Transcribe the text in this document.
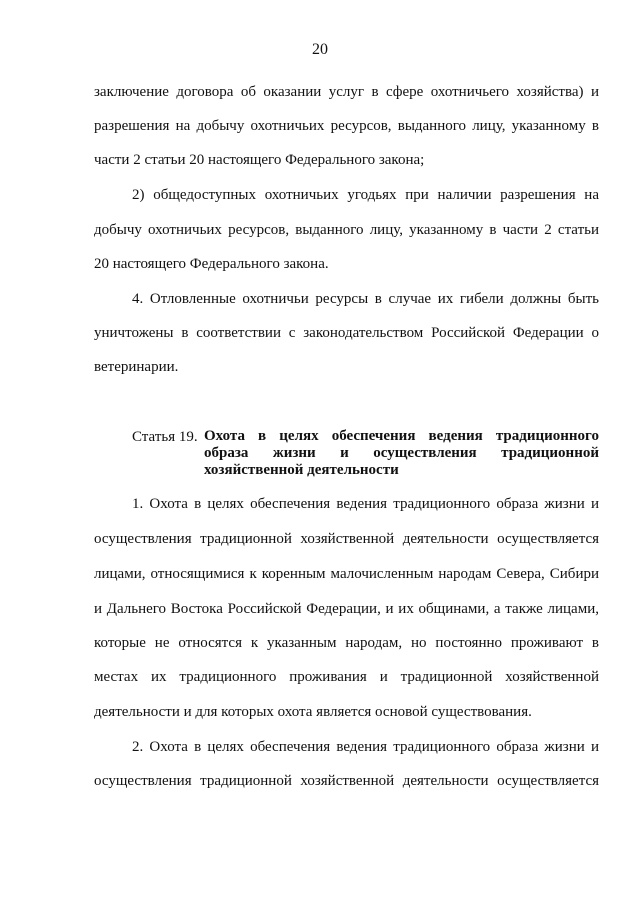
20
заключение договора об оказании услуг в сфере охотничьего хозяйства) и
разрешения на добычу охотничьих ресурсов, выданного лицу, указанному в
части 2 статьи 20 настоящего Федерального закона;
2) общедоступных охотничьих угодьях при наличии разрешения на
добычу охотничьих ресурсов, выданного лицу, указанному в части 2 статьи
20 настоящего Федерального закона.
4. Отловленные охотничьи ресурсы в случае их гибели должны быть
уничтожены в соответствии с законодательством Российской Федерации о
ветеринарии.
Статья 19. Охота в целях обеспечения ведения традиционного
образа жизни и осуществления традиционной
хозяйственной деятельности
1. Охота в целях обеспечения ведения традиционного образа жизни и
осуществления традиционной хозяйственной деятельности осуществляется
лицами, относящимися к коренным малочисленным народам Севера, Сибири
и Дальнего Востока Российской Федерации, и их общинами, а также лицами,
которые не относятся к указанным народам, но постоянно проживают в
местах их традиционного проживания и традиционной хозяйственной
деятельности и для которых охота является основой существования.
2. Охота в целях обеспечения ведения традиционного образа жизни и
осуществления традиционной хозяйственной деятельности осуществляется
